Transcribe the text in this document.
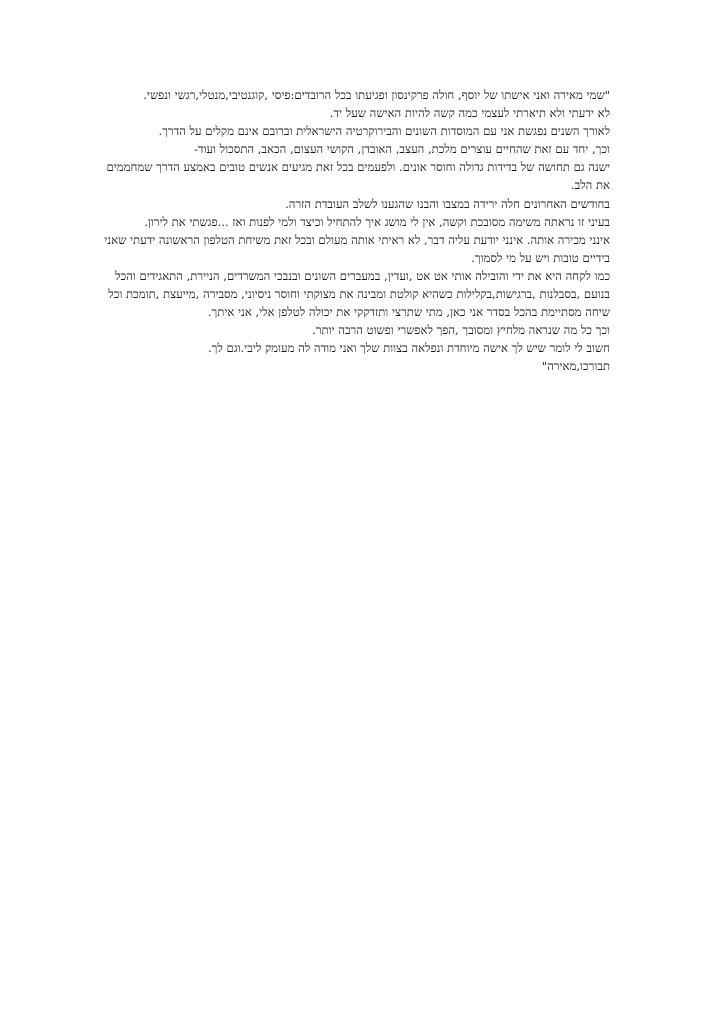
"שמי מאירה ואני אישתו של יוסף, חולה פרקינסון ופגיעתו בכל הרובדים:פיסי ,קוגנטיבי,מנטלי,רגשי ונפשי.

לא ידעתי ולא תיארתי לעצמי כמה קשה להיות האישה שעל יד.

לאורך השנים נפגשת אני עם המוסדות השונים והבירוקרטיה הישראלית וברובם אינם מקלים על הדרך.

וכך, יחד עם זאת שהחיים עוצרים מלכת, העצב, האובדן, הקושי העצום, הכאב, התסכול ועוד-

ישנה גם תחושה של בדידות גדולה וחוסר אונים. ולפעמים בכל זאת מגיעים אנשים טובים באמצע הדרך שמחממים את הלב.

בחודשים האחרונים חלה ירידה במצבו והבנו שהגענו לשלב העובדת הזרה.

בעיני זו נראתה משימה מסובכת וקשה, אין לי מושג איך להתחיל וכיצד ולמי לפנות ואז ...פגשתי את לירון.

אינני מכירה אותה. אינני יודעת עליה דבר, לא ראיתי אותה מעולם ובכל זאת משיחת הטלפון הראשונה ידעתי שאני בידיים טובות ויש על מי לסמוך.

כמו לקחה היא את ידי והובילה אותי אט אט ,ועדין, במעברים השונים ובנבכי המשרדים, הניירת, התאגידים והכל בנועם ,בסבלנות ,ברגישות,בקלילות כשהיא קולטת ומבינה את מצוקתי וחוסר ניסיוני, מסבירה ,מייעצת ,תומכת וכל שיחה מסתיימת בהכל בסדר אני כאן, מתי שתרצי ותזדקקי את יכולה לטלפן אלי, אני איתך.

וכך כל מה שנראה מלחיץ ומסובך ,הפך לאפשרי ופשוט הרבה יותר.

חשוב לי לומר שיש לך אישה מיוחדת ונפלאה בצוות שלך ואני מודה לה מעומק ליבי.וגם לך.

תבורכו,מאירה"
